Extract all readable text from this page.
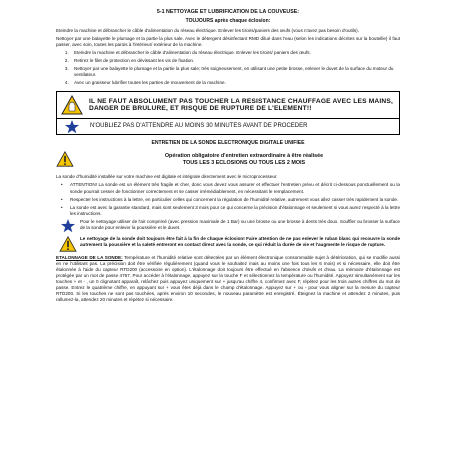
5-1 NETTOYAGE ET LUBRIFICATION DE LA COUVEUSE:
TOUJOURS après chaque éclosion:

Eteindre la machine et débrancher le câble d'alimentation du réseau électrique. Enlever les tiroirs/paniers des œufs (vous n'avez pas besoin d'outils).

Nettoyer par une balayette le plumage et la partie la plus sale. Avec le détergent désinfectant RMD dilué dans l'eau (selon les indications décrites sur la bouteille) il faut passer, avec soin, toutes les parois à l'intérieur/ extérieur de la machine.

1. Eteindre la machine et débrancher le câble d'alimentation du réseau électrique. Enlever les tiroirs/ paniers des œufs.
2. Retirez le filet de protection en dévissant les vis de fixation.
3. Nettoyer par une balayette le plumage et la partie la plus sale; très soigneusement, en utilisant une petite brosse, enlever le duvet de la surface du moteur du ventilateur.
4. Avec un graisseur lubrifier toutes les parties de mouvement de la machine.
IL NE FAUT ABSOLUMENT PAS TOUCHER LA RESISTANCE CHAUFFAGE AVEC LES MAINS, DANGER DE BRULURE, ET RISQUE DE RUPTURE DE L'ELEMENT!!
N'OUBLIEZ PAS D'ATTENDRE AU MOINS 30 MINUTES AVANT DE PROCEDER
ENTRETIEN DE LA SONDE ELECTRONIQUE DIGITALE UNIFIEE
Opération obligatoire d'entretien extraordinaire à être réalisée
TOUS LES 3 ECLOSIONS OU TOUS LES 2 MOIS

La sonde d'humidité installée sur votre machine est digitale et intégrale directement avec le microprocesseur.

• ATTENTION! La sonde est un élément très fragile et cher, donc vous devez vous assurer et effectuer l'entretien prévu et décrit ci-dessous ponctuellement ou la sonde pourrait cesser de fonctionner correctement et se casser irrémédiablement, en nécessitant le remplacement.
• Respecter les instructions à la lettre, en particulier celles qui concernent la régulation de l'humidité relative, autrement vous allez casser très rapidement la sonde.
• La sonde est avec la garantie standard, mais sont seulement 3 mois pour ce qui concerne la précision d'étalonnage et seulement si vous aurez respecté à la lettre les instructions.
Pour le nettoyage utiliser de l'air comprimé (avec pression maximale de 1 Bar) ou une brosse ou une brosse à dents très doux. Souffler ou brosser la surface de la sonde pour enlever la poussière et le duvet.
Le nettoyage de la sonde doit toujours être fait à la fin de chaque éclosion! Faire attention de ne pas enlever le ruban blanc qui recouvre la sonde autrement la poussière et la saleté entreront en contact direct avec la sonde, ce qui réduit la durée de vie et l'augmente le risque de rupture.

ETALONNAGE DE LA SONDE: Température et l'humidité relative sont détectées par un élément électronique consommable sujet à détérioration, qui se modifie aussi en ne l'utilisant pas. La précision doit être vérifiée régulièrement (quand vous le souhaitez mais au moins une fois tous les 6 mois) et si nécessaire, elle doit être étalonnée à l'aide du capteur RTD200 (accessoire en option). L'étalonnage doit toujours être effectué en l'absence d'œufs et d'eau. La mémoire d'étalonnage est protégée par un mot de passe 4767. Pour accéder à l'étalonnage, appuyez sur la touche F et sélectionnez la température ou l'humidité. Appuyez simultanément sur les touches + et - , un 0 clignotant apparaît, relâchez puis appuyez uniquement sur + jusqu'au chiffre 4, confirmez avec F, répétez pour les trois autres chiffres du mot de passe. Entrez le quatrième chiffre, en appuyant sur + vous êtes déjà dans le champ d'étalonnage. Appuyez sur + ou - pour vous aligner sur la mesure du capteur RTD200. Si les touches ne sont pas touchées, après environ 10 secondes, le nouveau paramètre est enregistré. Éteignez la machine et attendez 2 minutes, puis rallumez-la, attendez 20 minutes et répétez si nécessaire.
